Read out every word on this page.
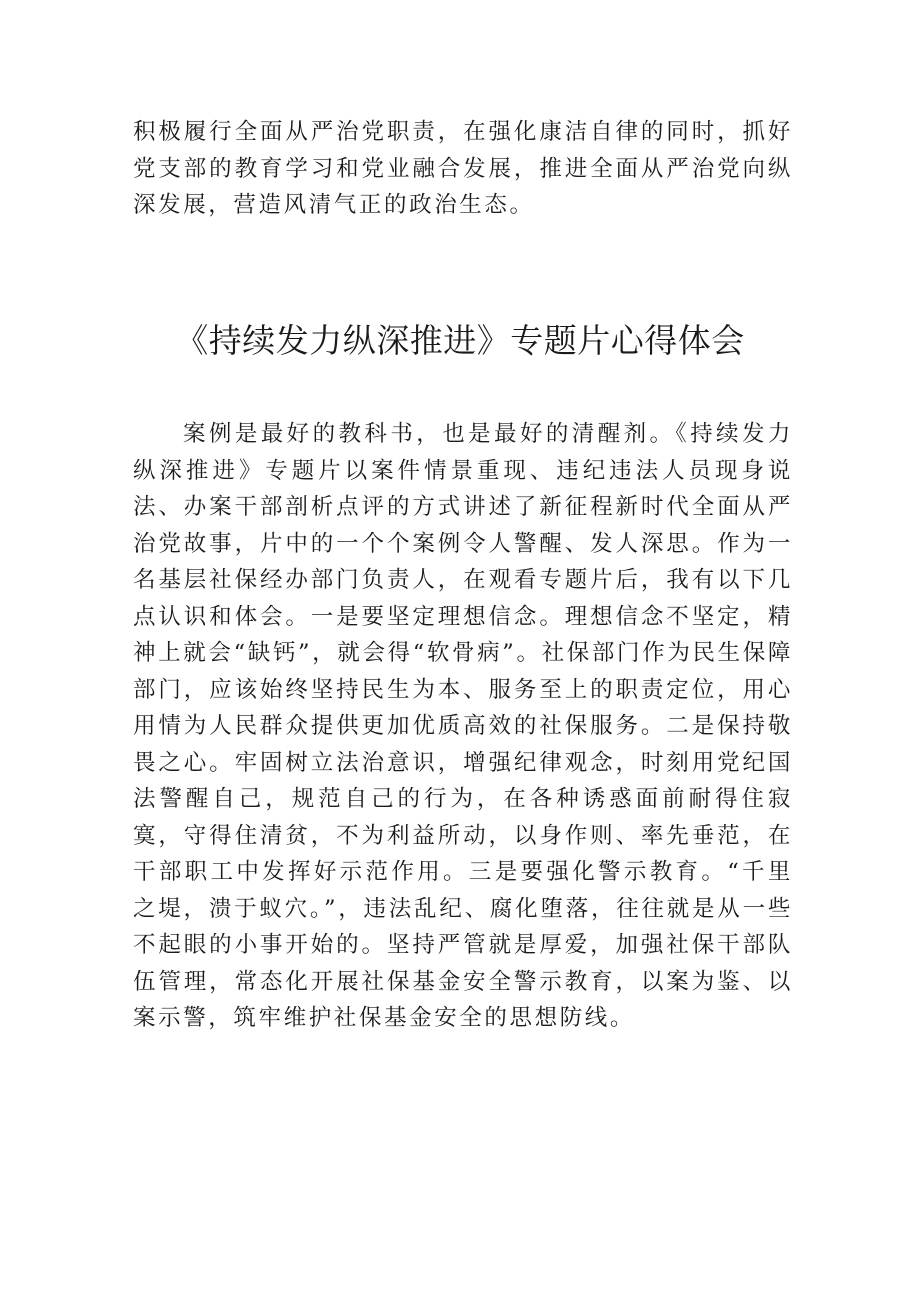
积极履行全面从严治党职责，在强化康洁自律的同时，抓好党支部的教育学习和党业融合发展，推进全面从严治党向纵深发展，营造风清气正的政治生态。

《持续发力纵深推进》专题片心得体会

案例是最好的教科书，也是最好的清醒剂。《持续发力纵深推进》专题片以案件情景重现、违纪违法人员现身说法、办案干部剖析点评的方式讲述了新征程新时代全面从严治党故事，片中的一个个案例令人警醒、发人深思。作为一名基层社保经办部门负责人，在观看专题片后，我有以下几点认识和体会。一是要坚定理想信念。理想信念不坚定，精神上就会“缺钙”，就会得“软骨病”。社保部门作为民生保障部门，应该始终坚持民生为本、服务至上的职责定位，用心用情为人民群众提供更加优质高效的社保服务。二是保持敬畏之心。牢固树立法治意识，增强纪律观念，时刻用党纪国法警醒自己，规范自己的行为，在各种诱惑面前耐得住寂寞，守得住清贫，不为利益所动，以身作则、率先垂范，在干部职工中发挥好示范作用。三是要强化警示教育。“千里之堤，溃于蚁穴。”，违法乱纪、腐化堕落，往往就是从一些不起眼的小事开始的。坚持严管就是厚爱，加强社保干部队伍管理，常态化开展社保基金安全警示教育，以案为鉴、以案示警，筑牢维护社保基金安全的思想防线。
